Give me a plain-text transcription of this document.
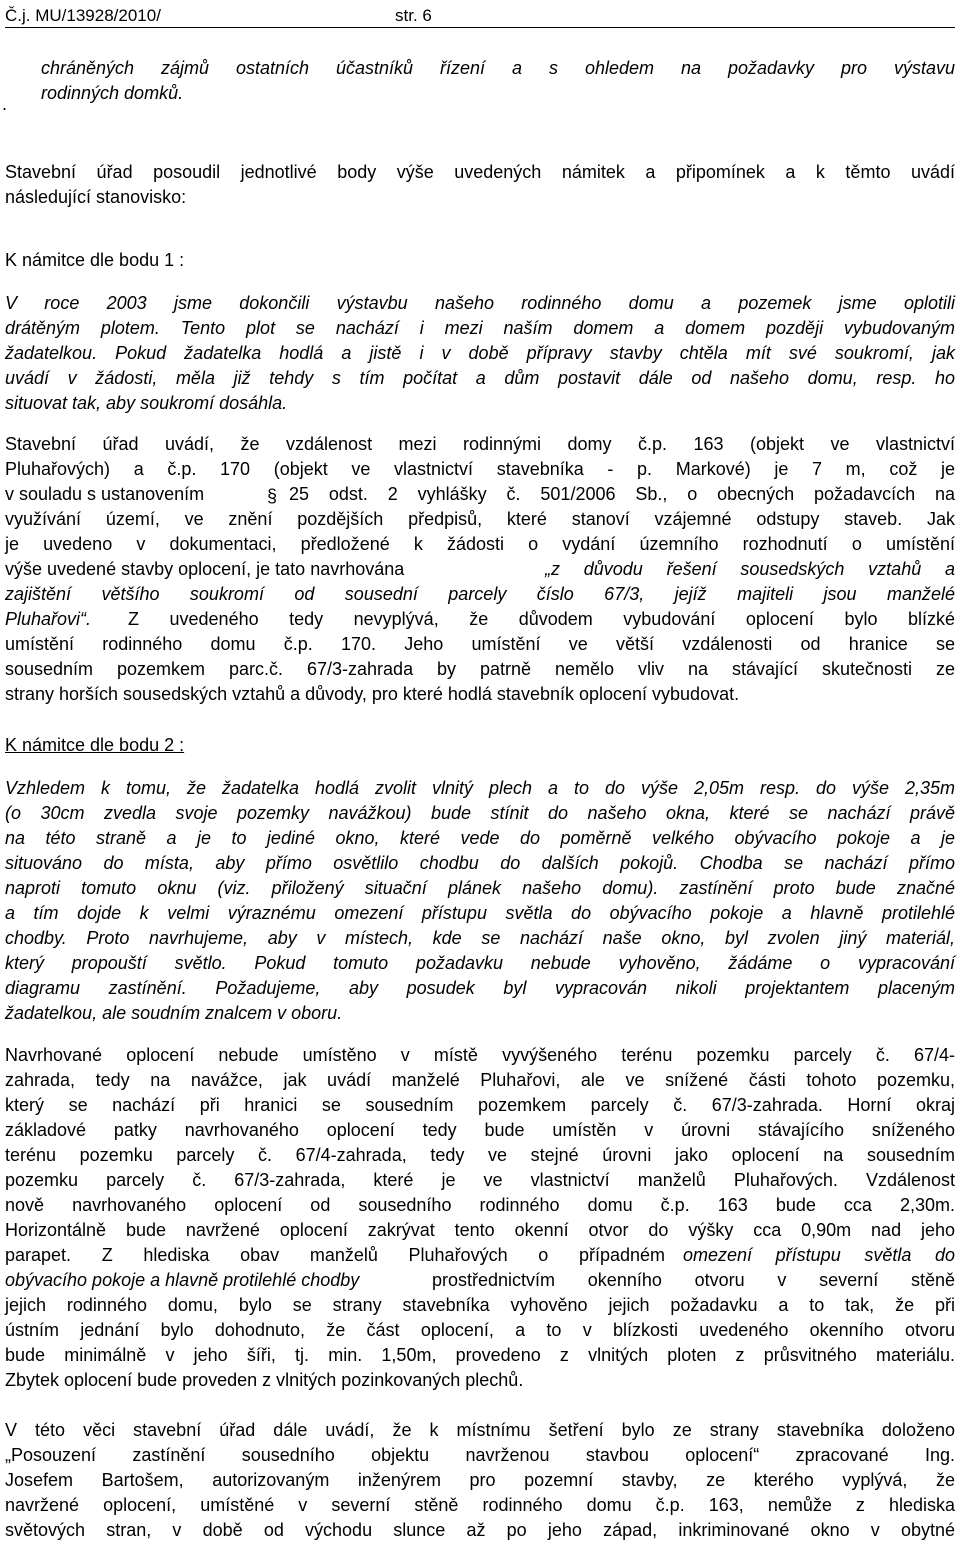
Č.j. MU/13928/2010/	str. 6
chráněných zájmů ostatních účastníků řízení a s ohledem na požadavky pro výstavu
rodinných domků.
.
Stavební úřad posoudil jednotlivé body výše uvedených námitek a připomínek a k těmto uvádí
následující stanovisko:
K námitce dle bodu 1 :
V roce 2003 jsme dokončili výstavbu našeho rodinného domu a pozemek jsme oplotili
drátěným plotem. Tento plot se nachází i mezi naším domem a domem později vybudovaným
žadatelkou. Pokud žadatelka hodlá a jistě i v době přípravy stavby chtěla mít své soukromí, jak
uvádí v žádosti, měla již tehdy s tím počítat a dům postavit dále od našeho domu, resp. ho
situovat tak, aby soukromí dosáhla.
Stavební úřad uvádí, že vzdálenost mezi rodinnými domy č.p. 163 (objekt ve vlastnictví
Pluhařových) a č.p. 170 (objekt ve vlastnictví stavebníka - p. Markové) je 7 m, což je
v souladu s ustanovením	§ 25 odst. 2 vyhlášky č. 501/2006 Sb., o obecných požadavcích na
využívání území, ve znění pozdějších předpisů, které stanoví vzájemné odstupy staveb. Jak
je uvedeno v dokumentaci, předložené k žádosti o vydání územního rozhodnutí o umístění
výše uvedené stavby oplocení, je tato navrhována	„z důvodu řešení sousedských vztahů a
zajištění většího soukromí od sousední parcely číslo 67/3, jejíž majiteli jsou manželé
Pluhařovi“.	Z uvedeného tedy nevyplývá, že důvodem vybudování oplocení bylo blízké
umístění rodinného domu č.p. 170. Jeho umístění ve větší vzdálenosti od hranice se
sousedním pozemkem parc.č. 67/3-zahrada by patrně nemělo vliv na stávající skutečnosti ze
strany horších sousedských vztahů a důvody, pro které hodlá stavebník oplocení vybudovat.
K námitce dle bodu 2 :
Vzhledem k tomu, že žadatelka hodlá zvolit vlnitý plech a to do výše 2,05m resp. do výše 2,35m
(o 30cm zvedla svoje pozemky navážkou) bude stínit do našeho okna, které se nachází právě
na této straně a je to jediné okno, které vede do poměrně velkého obývacího pokoje a je
situováno do místa, aby přímo osvětlilo chodbu do dalších pokojů. Chodba se nachází přímo
naproti tomuto oknu (viz. přiložený situační plánek našeho domu). zastínění proto bude značné
a tím dojde k velmi výraznému omezení přístupu světla do obývacího pokoje a hlavně protilehlé
chodby. Proto navrhujeme, aby v místech, kde se nachází naše okno, byl zvolen jiný materiál,
který propouští světlo. Pokud tomuto požadavku nebude vyhověno, žádáme o vypracování
diagramu zastínění. Požadujeme, aby posudek byl vypracován nikoli projektantem placeným
žadatelkou, ale soudním znalcem v oboru.
Navrhované oplocení nebude umístěno v místě vyvýšeného terénu pozemku parcely č. 67/4-
zahrada, tedy na navážce, jak uvádí manželé Pluhařovi, ale ve snížené části tohoto pozemku,
který se nachází při hranici se sousedním pozemkem parcely č. 67/3-zahrada. Horní okraj
základové patky navrhovaného oplocení tedy bude umístěn v úrovni stávajícího sníženého
terénu pozemku parcely č. 67/4-zahrada, tedy ve stejné úrovni jako oplocení na sousedním
pozemku parcely č. 67/3-zahrada, které je ve vlastnictví manželů Pluhařových. Vzdálenost
nově navrhovaného oplocení od sousedního rodinného domu č.p. 163 bude cca 2,30m.
Horizontálně bude navržené oplocení zakrývat tento okenní otvor do výšky cca 0,90m nad jeho
parapet. Z hlediska obav manželů Pluhařových o případném omezení přístupu světla do
obývacího pokoje a hlavně protilehlé chodby	prostřednictvím okenního otvoru v severní stěně
jejich rodinného domu, bylo se strany stavebníka vyhověno jejich požadavku a to tak, že při
ústním jednání bylo dohodnuto, že část oplocení, a to v blízkosti uvedeného okenního otvoru
bude minimálně v jeho šíři, tj. min. 1,50m, provedeno z vlnitých ploten z průsvitného materiálu.
Zbytek oplocení bude proveden z vlnitých pozinkovaných plechů.
V této věci stavební úřad dále uvádí, že k místnímu šetření bylo ze strany stavebníka doloženo
„Posouzení zastínění sousedního objektu navrženou stavbou oplocení“ zpracované Ing.
Josefem Bartošem, autorizovaným inženýrem pro pozemní stavby, ze kterého vyplývá, že
navržené oplocení, umístěné v severní stěně rodinného domu č.p. 163, nemůže z hlediska
světových stran, v době od východu slunce až po jeho západ, inkriminované okno v obytné
